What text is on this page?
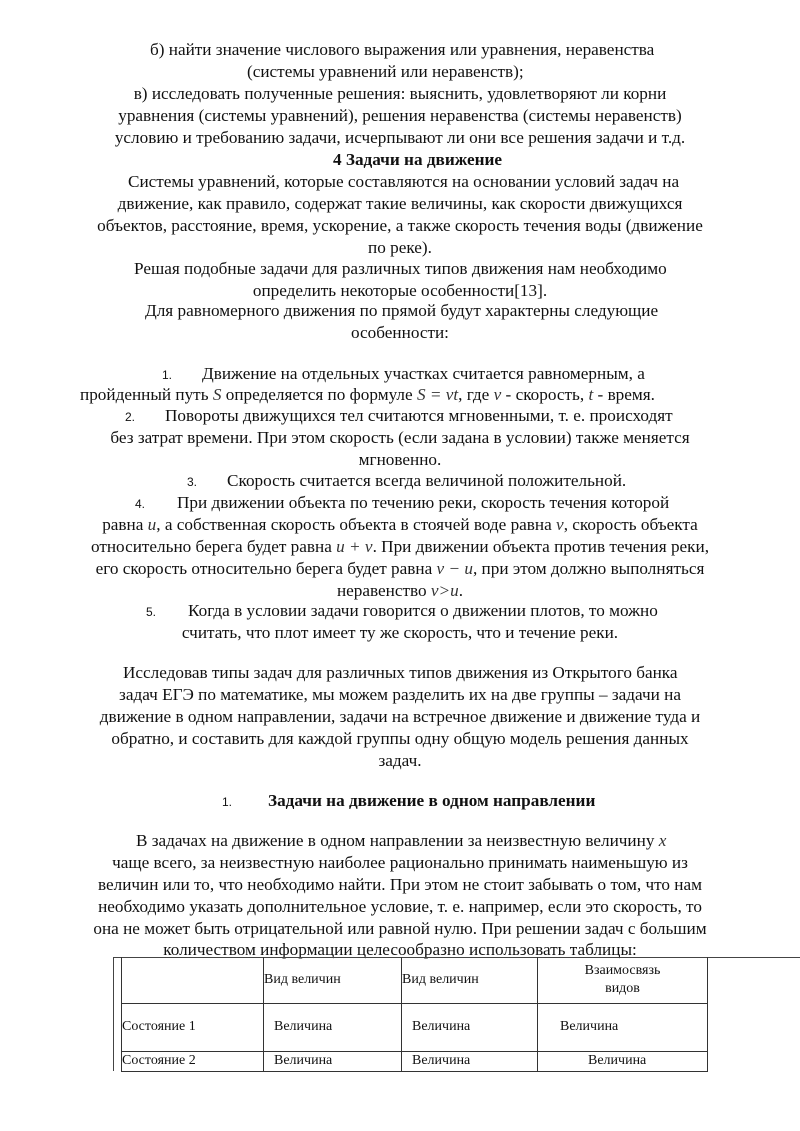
б) найти значение числового выражения или уравнения, неравенства
(системы уравнений или неравенств);
в) исследовать полученные решения: выяснить, удовлетворяют ли корни
уравнения (системы уравнений), решения неравенства (системы неравенств)
условию и требованию задачи, исчерпывают ли они все решения задачи и т.д.
4 Задачи на движение
Системы уравнений, которые составляются на основании условий задач на
движение, как правило, содержат такие величины, как скорости движущихся
объектов, расстояние, время, ускорение, а также скорость течения воды (движение
по реке).
Решая подобные задачи для различных типов движения нам необходимо
определить некоторые особенности[13].
Для равномерного движения по прямой будут характерны следующие
особенности:
1. Движение на отдельных участках считается равномерным, а
пройденный путь S определяется по формуле S = vt, где v - скорость, t - время.
2. Повороты движущихся тел считаются мгновенными, т. е. происходят
без затрат времени. При этом скорость (если задана в условии) также меняется
мгновенно.
3. Скорость считается всегда величиной положительной.
4. При движении объекта по течению реки, скорость течения которой
равна u, а собственная скорость объекта в стоячей воде равна v, скорость объекта
относительно берега будет равна u + v. При движении объекта против течения реки,
его скорость относительно берега будет равна v − u, при этом должно выполняться
неравенство v>u.
5. Когда в условии задачи говорится о движении плотов, то можно
считать, что плот имеет ту же скорость, что и течение реки.
Исследовав типы задач для различных типов движения из Открытого банка
задач ЕГЭ по математике, мы можем разделить их на две группы – задачи на
движение в одном направлении, задачи на встречное движение и движение туда и
обратно, и составить для каждой группы одну общую модель решения данных
задач.
1. Задачи на движение в одном направлении
В задачах на движение в одном направлении за неизвестную величину x
чаще всего, за неизвестную наиболее рационально принимать наименьшую из
величин или то, что необходимо найти. При этом не стоит забывать о том, что нам
необходимо указать дополнительное условие, т. е. например, если это скорость, то
она не может быть отрицательной или равной нулю. При решении задач с большим
количеством информации целесообразно использовать таблицы:
	Вид величин	Вид величин	Взаимосвязь видов
Состояние 1	Величина	Величина	Величина
Состояние 2	Величина	Величина	Величина
